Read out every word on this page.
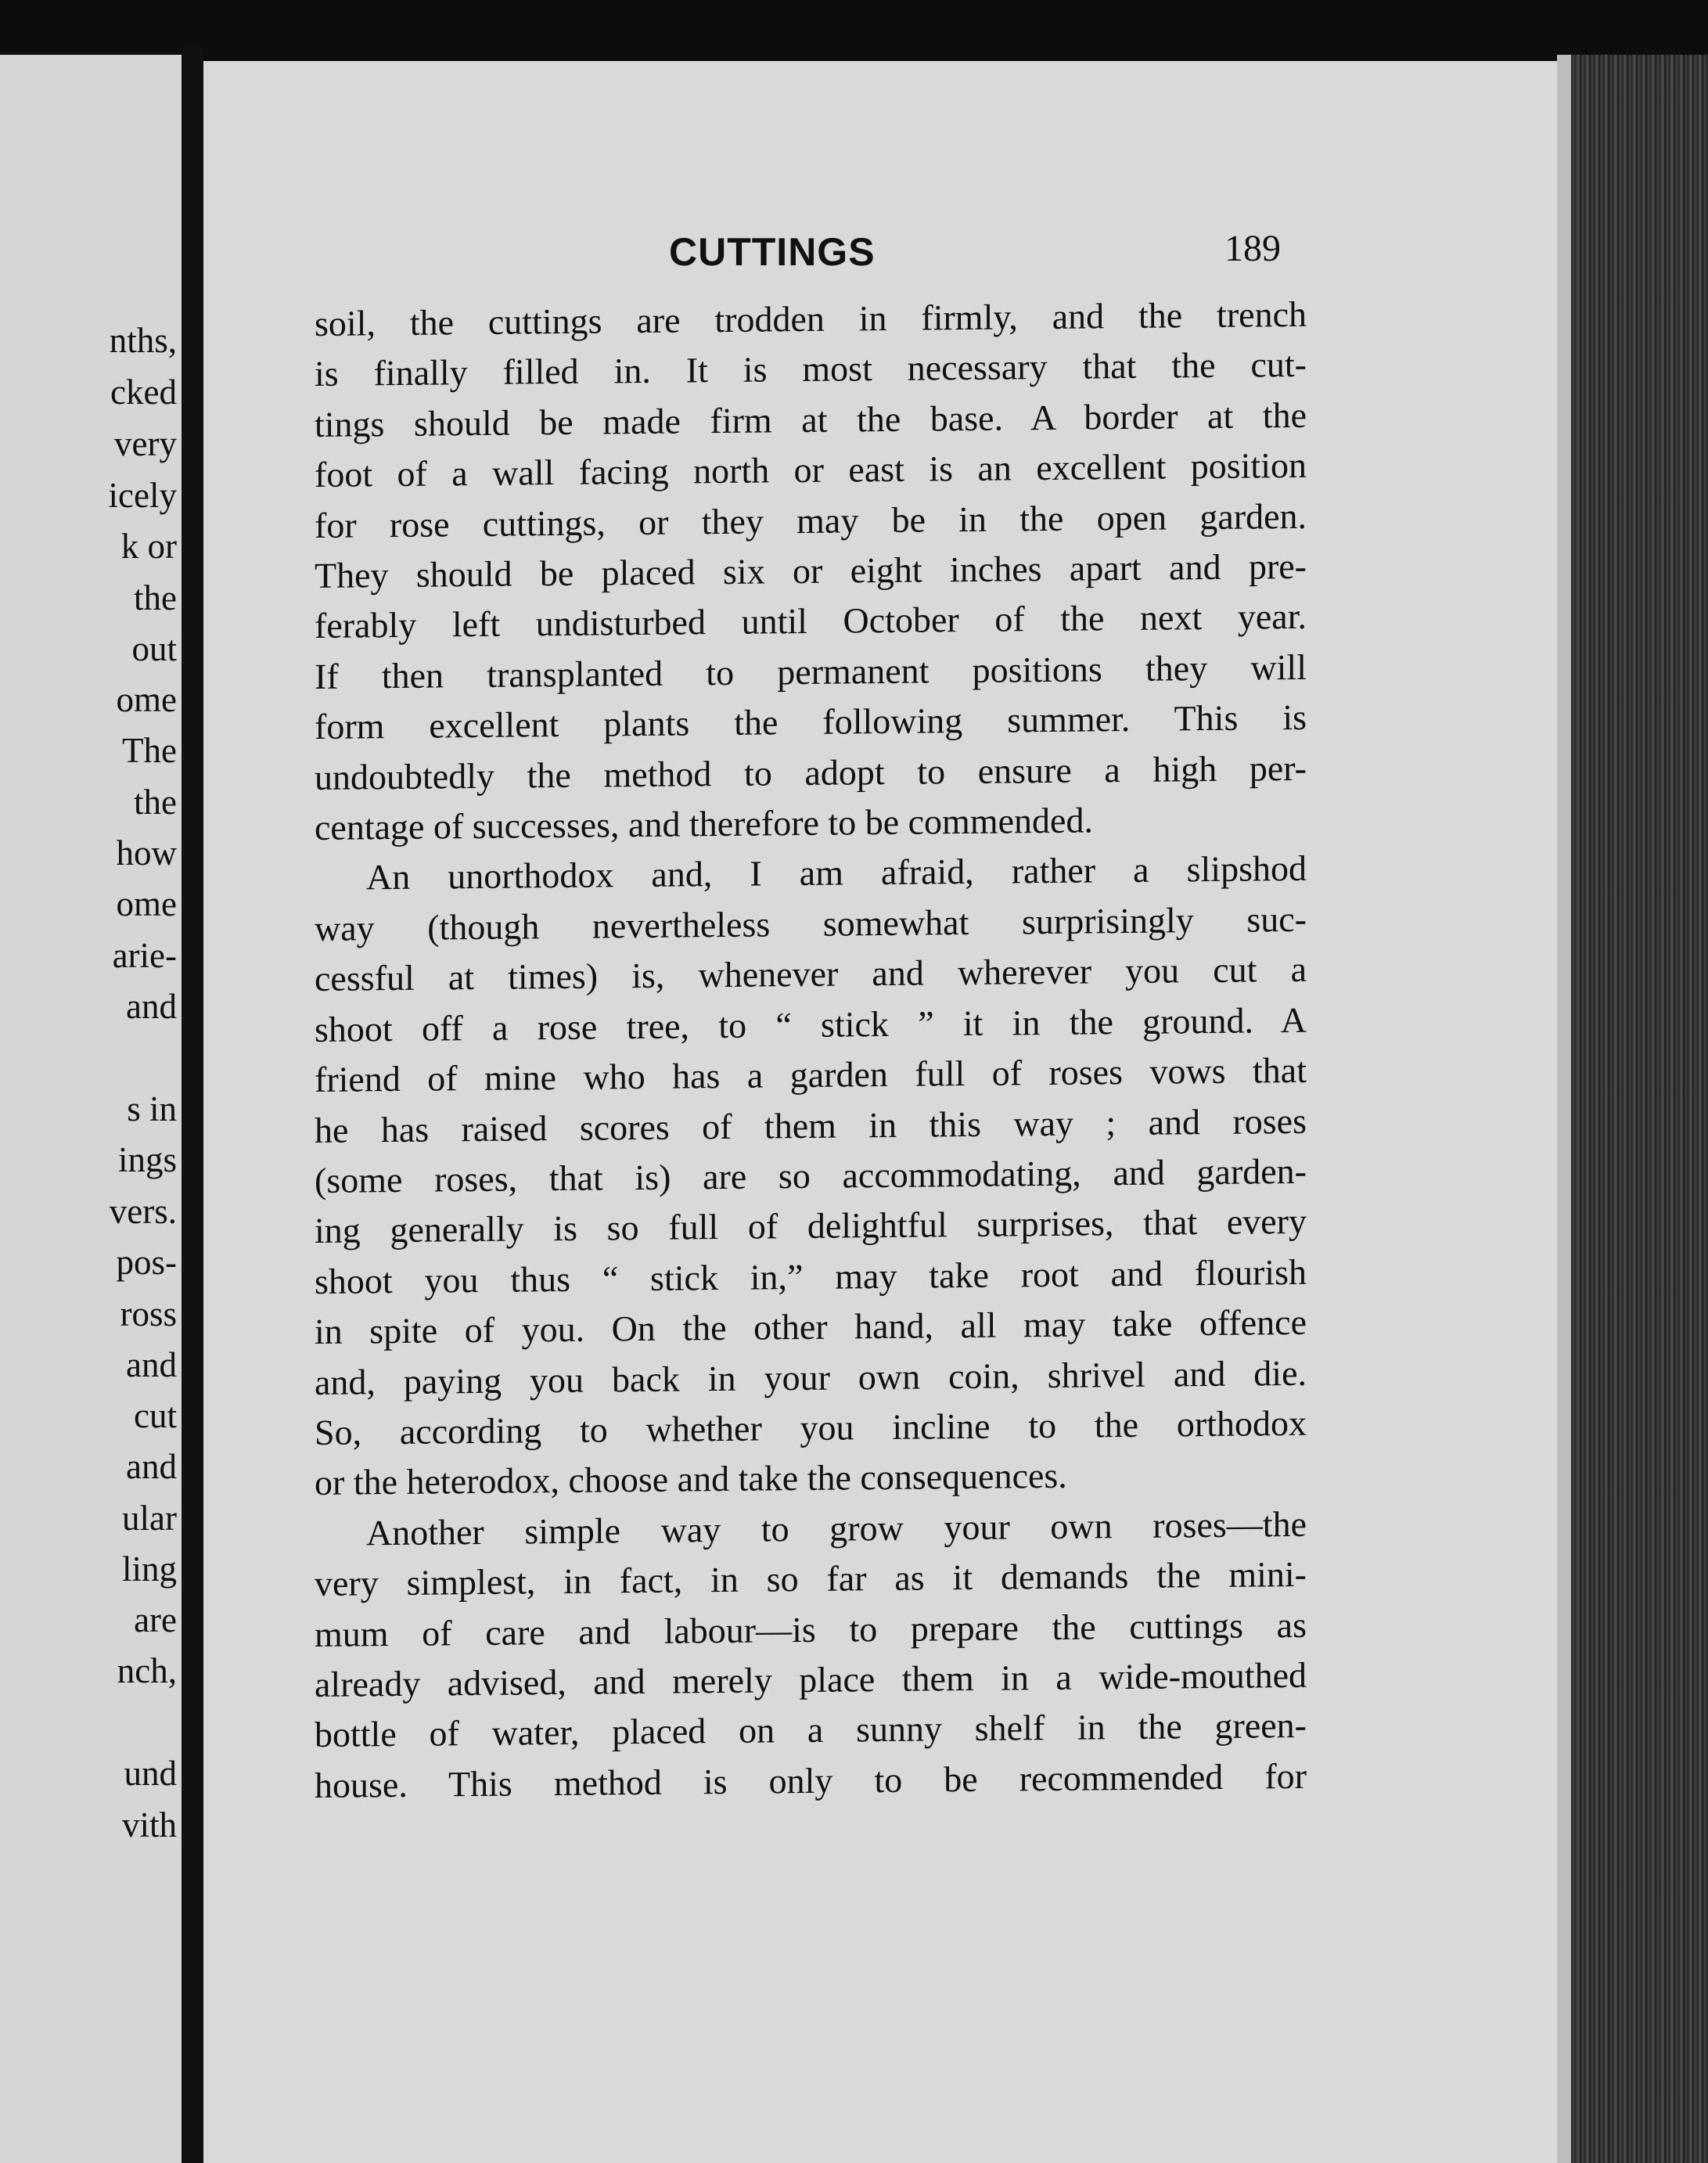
nths,
cked
very
icely
k or
the
out
ome
The
the
how
ome
arie-
and
s in
ings
vers.
pos-
ross
and
cut
and
ular
ling
are
nch,
und
vith
CUTTINGS	189
soil, the cuttings are trodden in firmly, and the trench
is finally filled in. It is most necessary that the cut-
tings should be made firm at the base. A border at the
foot of a wall facing north or east is an excellent position
for rose cuttings, or they may be in the open garden.
They should be placed six or eight inches apart and pre-
ferably left undisturbed until October of the next year.
If then transplanted to permanent positions they will
form excellent plants the following summer. This is
undoubtedly the method to adopt to ensure a high per-
centage of successes, and therefore to be commended.
An unorthodox and, I am afraid, rather a slipshod
way (though nevertheless somewhat surprisingly suc-
cessful at times) is, whenever and wherever you cut a
shoot off a rose tree, to “ stick ” it in the ground. A
friend of mine who has a garden full of roses vows that
he has raised scores of them in this way ; and roses
(some roses, that is) are so accommodating, and garden-
ing generally is so full of delightful surprises, that every
shoot you thus “ stick in,” may take root and flourish
in spite of you. On the other hand, all may take offence
and, paying you back in your own coin, shrivel and die.
So, according to whether you incline to the orthodox
or the heterodox, choose and take the consequences.
Another simple way to grow your own roses—the
very simplest, in fact, in so far as it demands the mini-
mum of care and labour—is to prepare the cuttings as
already advised, and merely place them in a wide-mouthed
bottle of water, placed on a sunny shelf in the green-
house. This method is only to be recommended for
